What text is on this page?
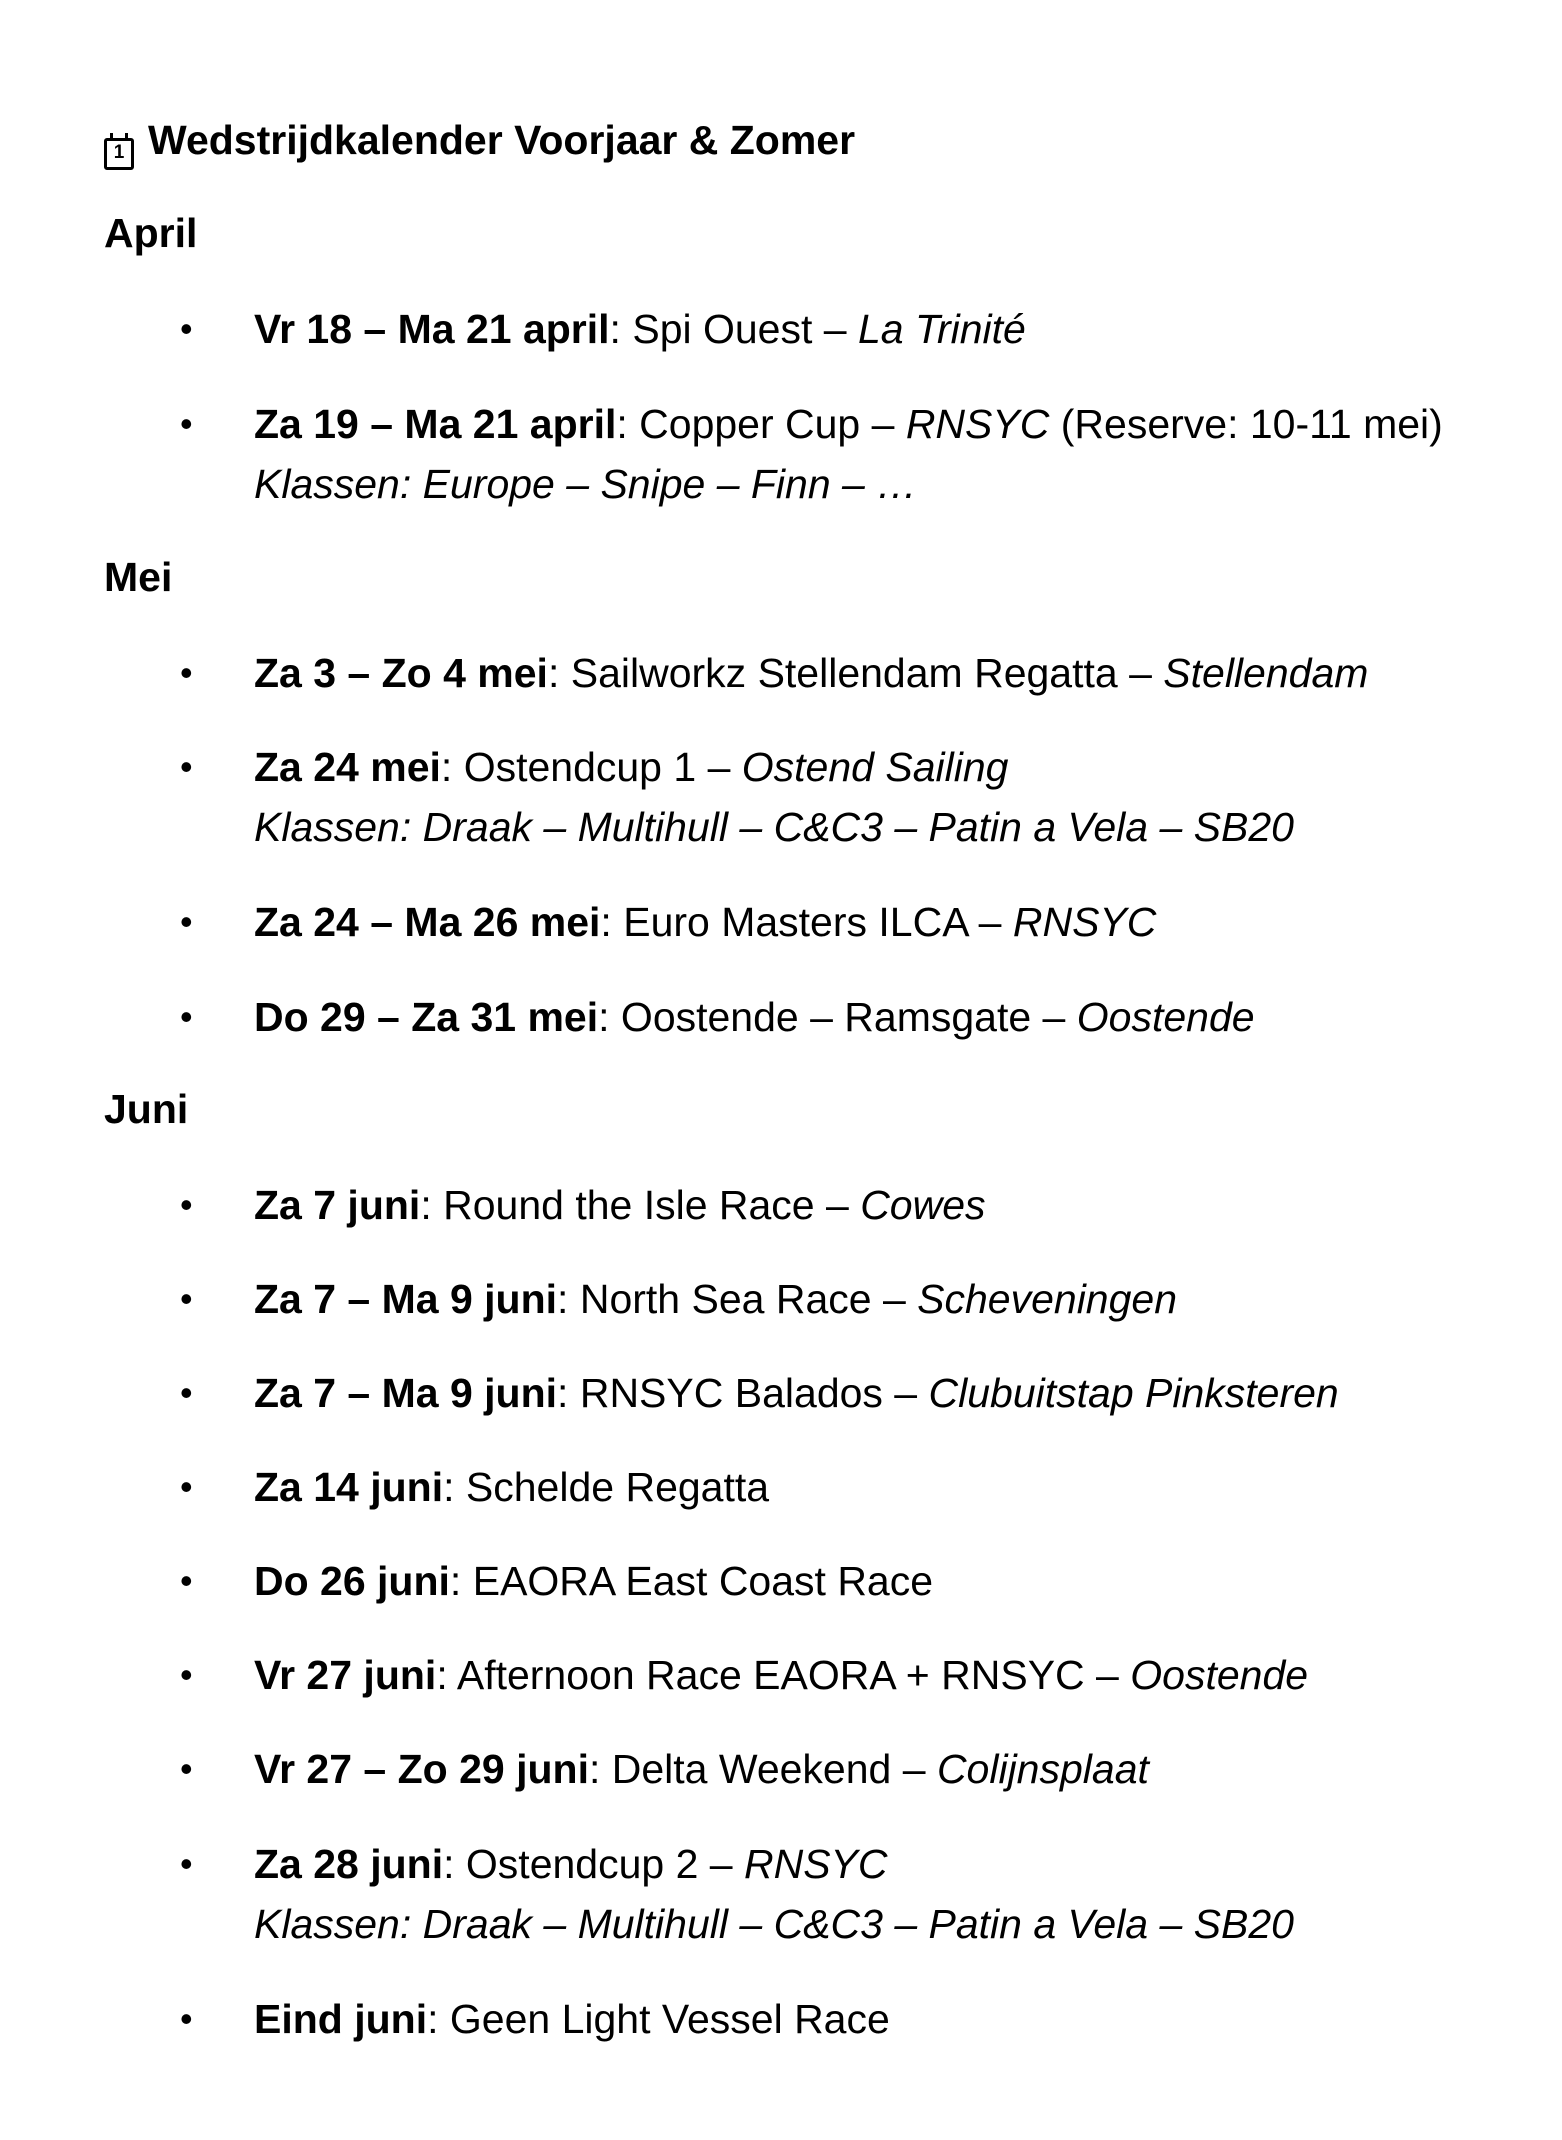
1 Wedstrijdkalender Voorjaar & Zomer
April
• Vr 18 – Ma 21 april: Spi Ouest – La Trinité
• Za 19 – Ma 21 april: Copper Cup – RNSYC (Reserve: 10-11 mei)
Klassen: Europe – Snipe – Finn – …
Mei
• Za 3 – Zo 4 mei: Sailworkz Stellendam Regatta – Stellendam
• Za 24 mei: Ostendcup 1 – Ostend Sailing
Klassen: Draak – Multihull – C&C3 – Patin a Vela – SB20
• Za 24 – Ma 26 mei: Euro Masters ILCA – RNSYC
• Do 29 – Za 31 mei: Oostende – Ramsgate – Oostende
Juni
• Za 7 juni: Round the Isle Race – Cowes
• Za 7 – Ma 9 juni: North Sea Race – Scheveningen
• Za 7 – Ma 9 juni: RNSYC Balados – Clubuitstap Pinksteren
• Za 14 juni: Schelde Regatta
• Do 26 juni: EAORA East Coast Race
• Vr 27 juni: Afternoon Race EAORA + RNSYC – Oostende
• Vr 27 – Zo 29 juni: Delta Weekend – Colijnsplaat
• Za 28 juni: Ostendcup 2 – RNSYC
Klassen: Draak – Multihull – C&C3 – Patin a Vela – SB20
• Eind juni: Geen Light Vessel Race
